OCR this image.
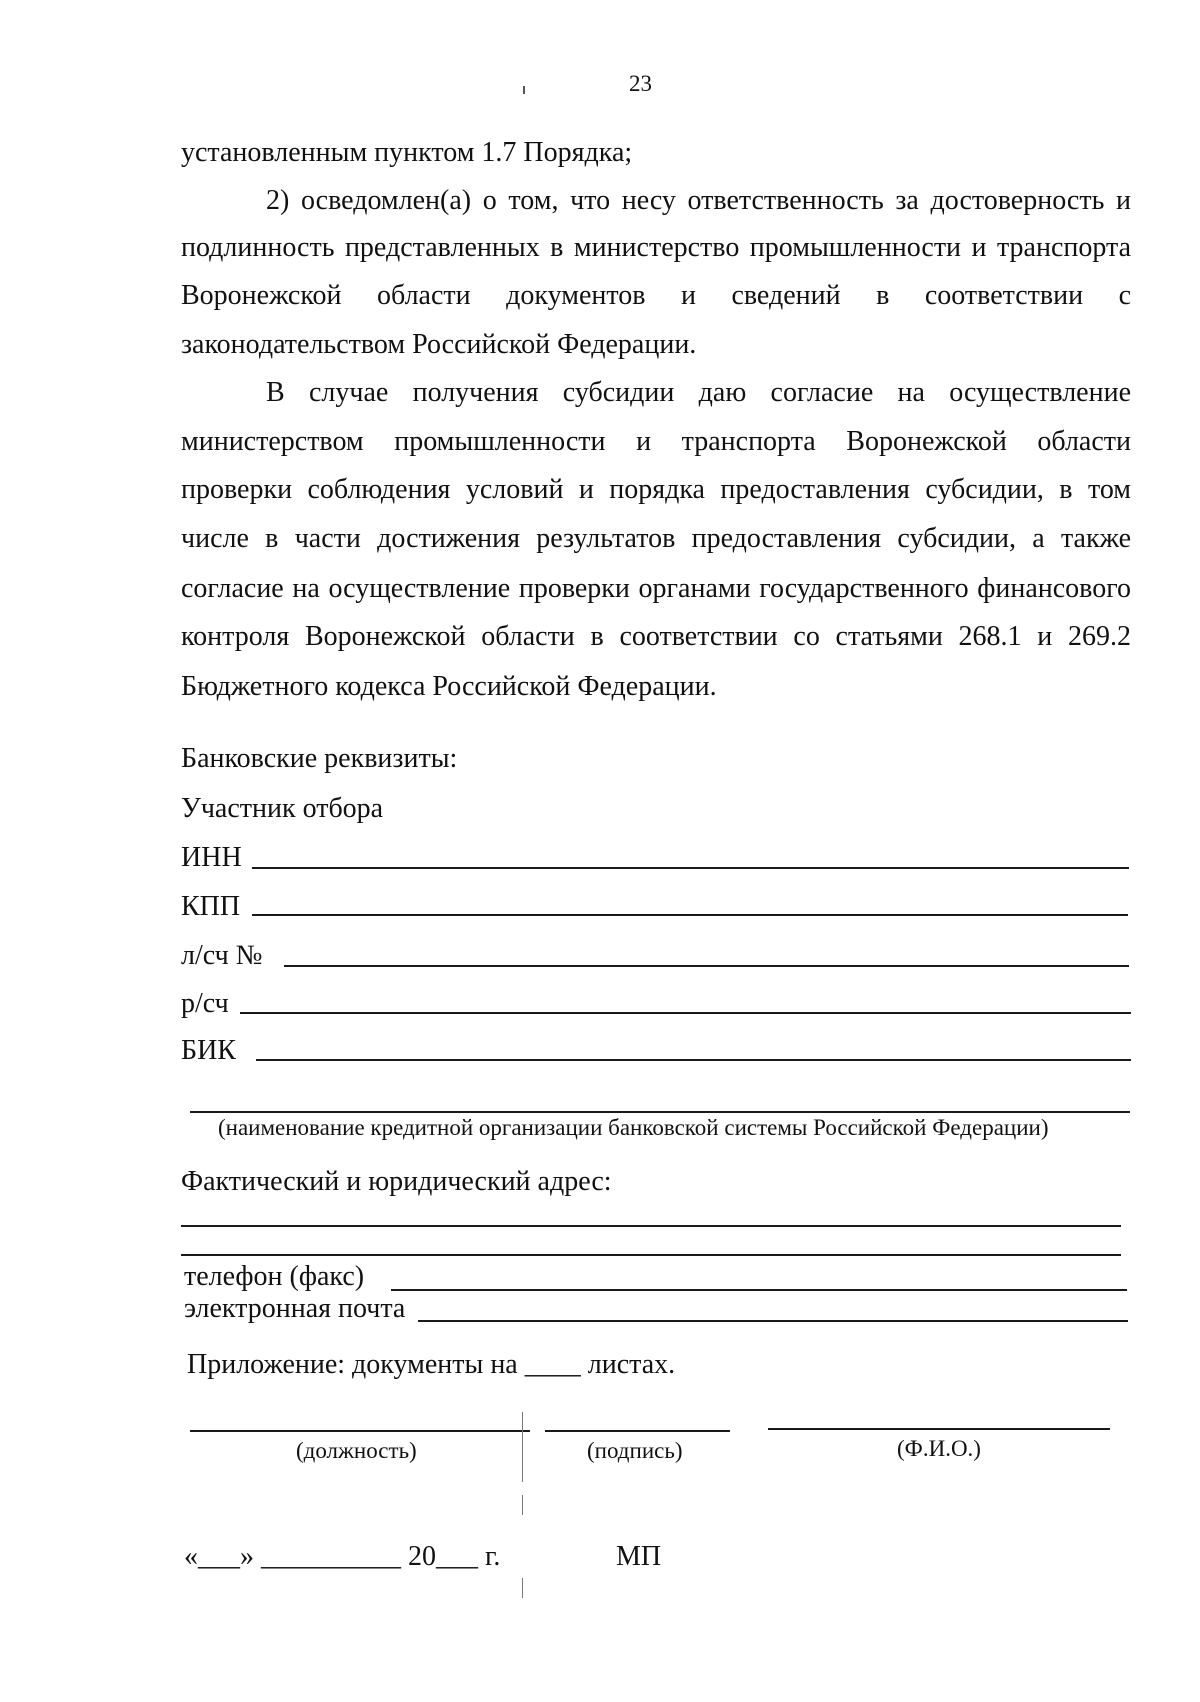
23
установленным пунктом 1.7 Порядка;
2) осведомлен(а) о том, что несу ответственность за достоверность и
подлинность представленных в министерство промышленности и транспорта
Воронежской области документов и сведений в соответствии с
законодательством Российской Федерации.
В случае получения субсидии даю согласие на осуществление
министерством промышленности и транспорта Воронежской области
проверки соблюдения условий и порядка предоставления субсидии, в том
числе в части достижения результатов предоставления субсидии, а также
согласие на осуществление проверки органами государственного финансового
контроля Воронежской области в соответствии со статьями 268.1 и 269.2
Бюджетного кодекса Российской Федерации.
Банковские реквизиты:
Участник отбора
ИНН
КПП
л/сч №
р/сч
БИК
(наименование кредитной организации банковской системы Российской Федерации)
Фактический и юридический адрес:
телефон (факс)
электронная почта
Приложение: документы на ____ листах.
(должность)	(подпись)	(Ф.И.О.)
«___» __________ 20___ г.	МП
